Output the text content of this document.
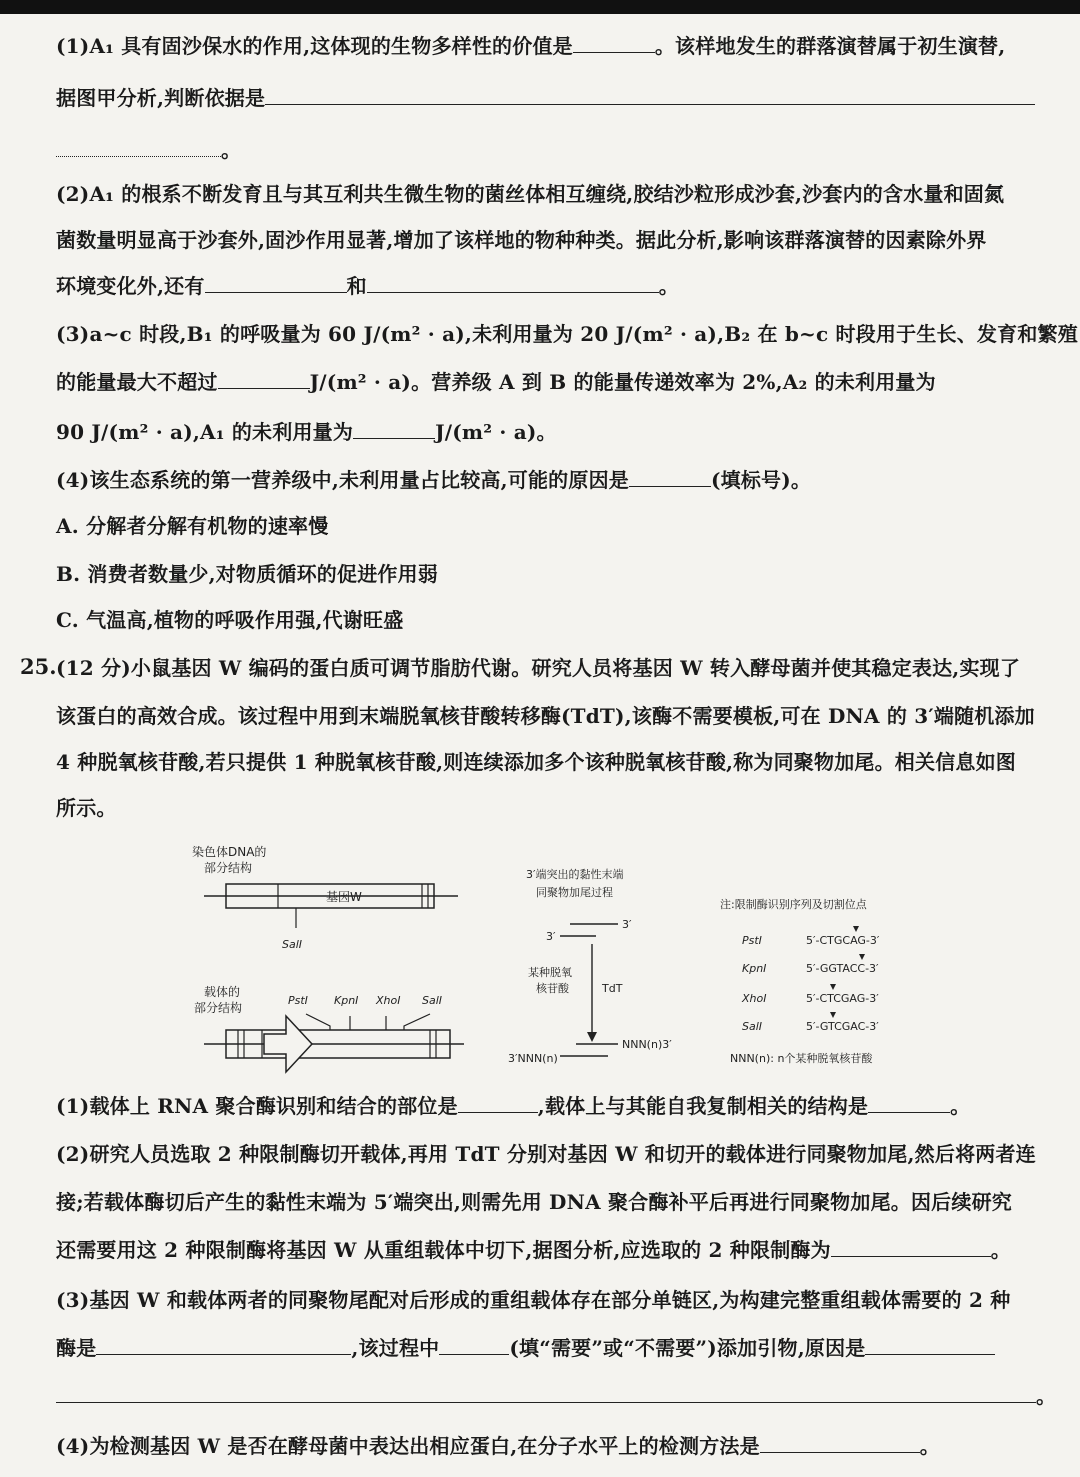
(1)A₁ 具有固沙保水的作用,这体现的生物多样性的价值是	。该样地发生的群落演替属于初生演替,
据图甲分析,判断依据是
。
(2)A₁ 的根系不断发育且与其互利共生微生物的菌丝体相互缠绕,胶结沙粒形成沙套,沙套内的含水量和固氮
菌数量明显高于沙套外,固沙作用显著,增加了该样地的物种种类。据此分析,影响该群落演替的因素除外界
环境变化外,还有	和	。
(3)a~c 时段,B₁ 的呼吸量为 60 J/(m² · a),未利用量为 20 J/(m² · a),B₂ 在 b~c 时段用于生长、发育和繁殖
的能量最大不超过	J/(m² · a)。营养级 A 到 B 的能量传递效率为 2%,A₂ 的未利用量为
90 J/(m² · a),A₁ 的未利用量为	J/(m² · a)。
(4)该生态系统的第一营养级中,未利用量占比较高,可能的原因是	(填标号)。
A. 分解者分解有机物的速率慢
B. 消费者数量少,对物质循环的促进作用弱
C. 气温高,植物的呼吸作用强,代谢旺盛
25. (12 分)小鼠基因 W 编码的蛋白质可调节脂肪代谢。研究人员将基因 W 转入酵母菌并使其稳定表达,实现了
该蛋白的高效合成。该过程中用到末端脱氧核苷酸转移酶(TdT),该酶不需要模板,可在 DNA 的 3′端随机添加
4 种脱氧核苷酸,若只提供 1 种脱氧核苷酸,则连续添加多个该种脱氧核苷酸,称为同聚物加尾。相关信息如图
所示。
染色体DNA的
部分结构
基因W
SalⅠ
载体的
部分结构
PstⅠ KpnⅠ XhoⅠ SalⅠ
3′端突出的黏性末端
同聚物加尾过程
3′
3′
某种脱氧
核苷酸	TdT
NNN(n)3′
3′NNN(n)
注:限制酶识别序列及切割位点
PstⅠ	5′-CTGCAG-3′
KpnⅠ	5′-GGTACC-3′
XhoⅠ	5′-CTCGAG-3′
SalⅠ	5′-GTCGAC-3′
NNN(n): n个某种脱氧核苷酸
(1)载体上 RNA 聚合酶识别和结合的部位是	,载体上与其能自我复制相关的结构是	。
(2)研究人员选取 2 种限制酶切开载体,再用 TdT 分别对基因 W 和切开的载体进行同聚物加尾,然后将两者连
接;若载体酶切后产生的黏性末端为 5′端突出,则需先用 DNA 聚合酶补平后再进行同聚物加尾。因后续研究
还需要用这 2 种限制酶将基因 W 从重组载体中切下,据图分析,应选取的 2 种限制酶为	。
(3)基因 W 和载体两者的同聚物尾配对后形成的重组载体存在部分单链区,为构建完整重组载体需要的 2 种
酶是	,该过程中	(填“需要”或“不需要”)添加引物,原因是
。
(4)为检测基因 W 是否在酵母菌中表达出相应蛋白,在分子水平上的检测方法是	。
